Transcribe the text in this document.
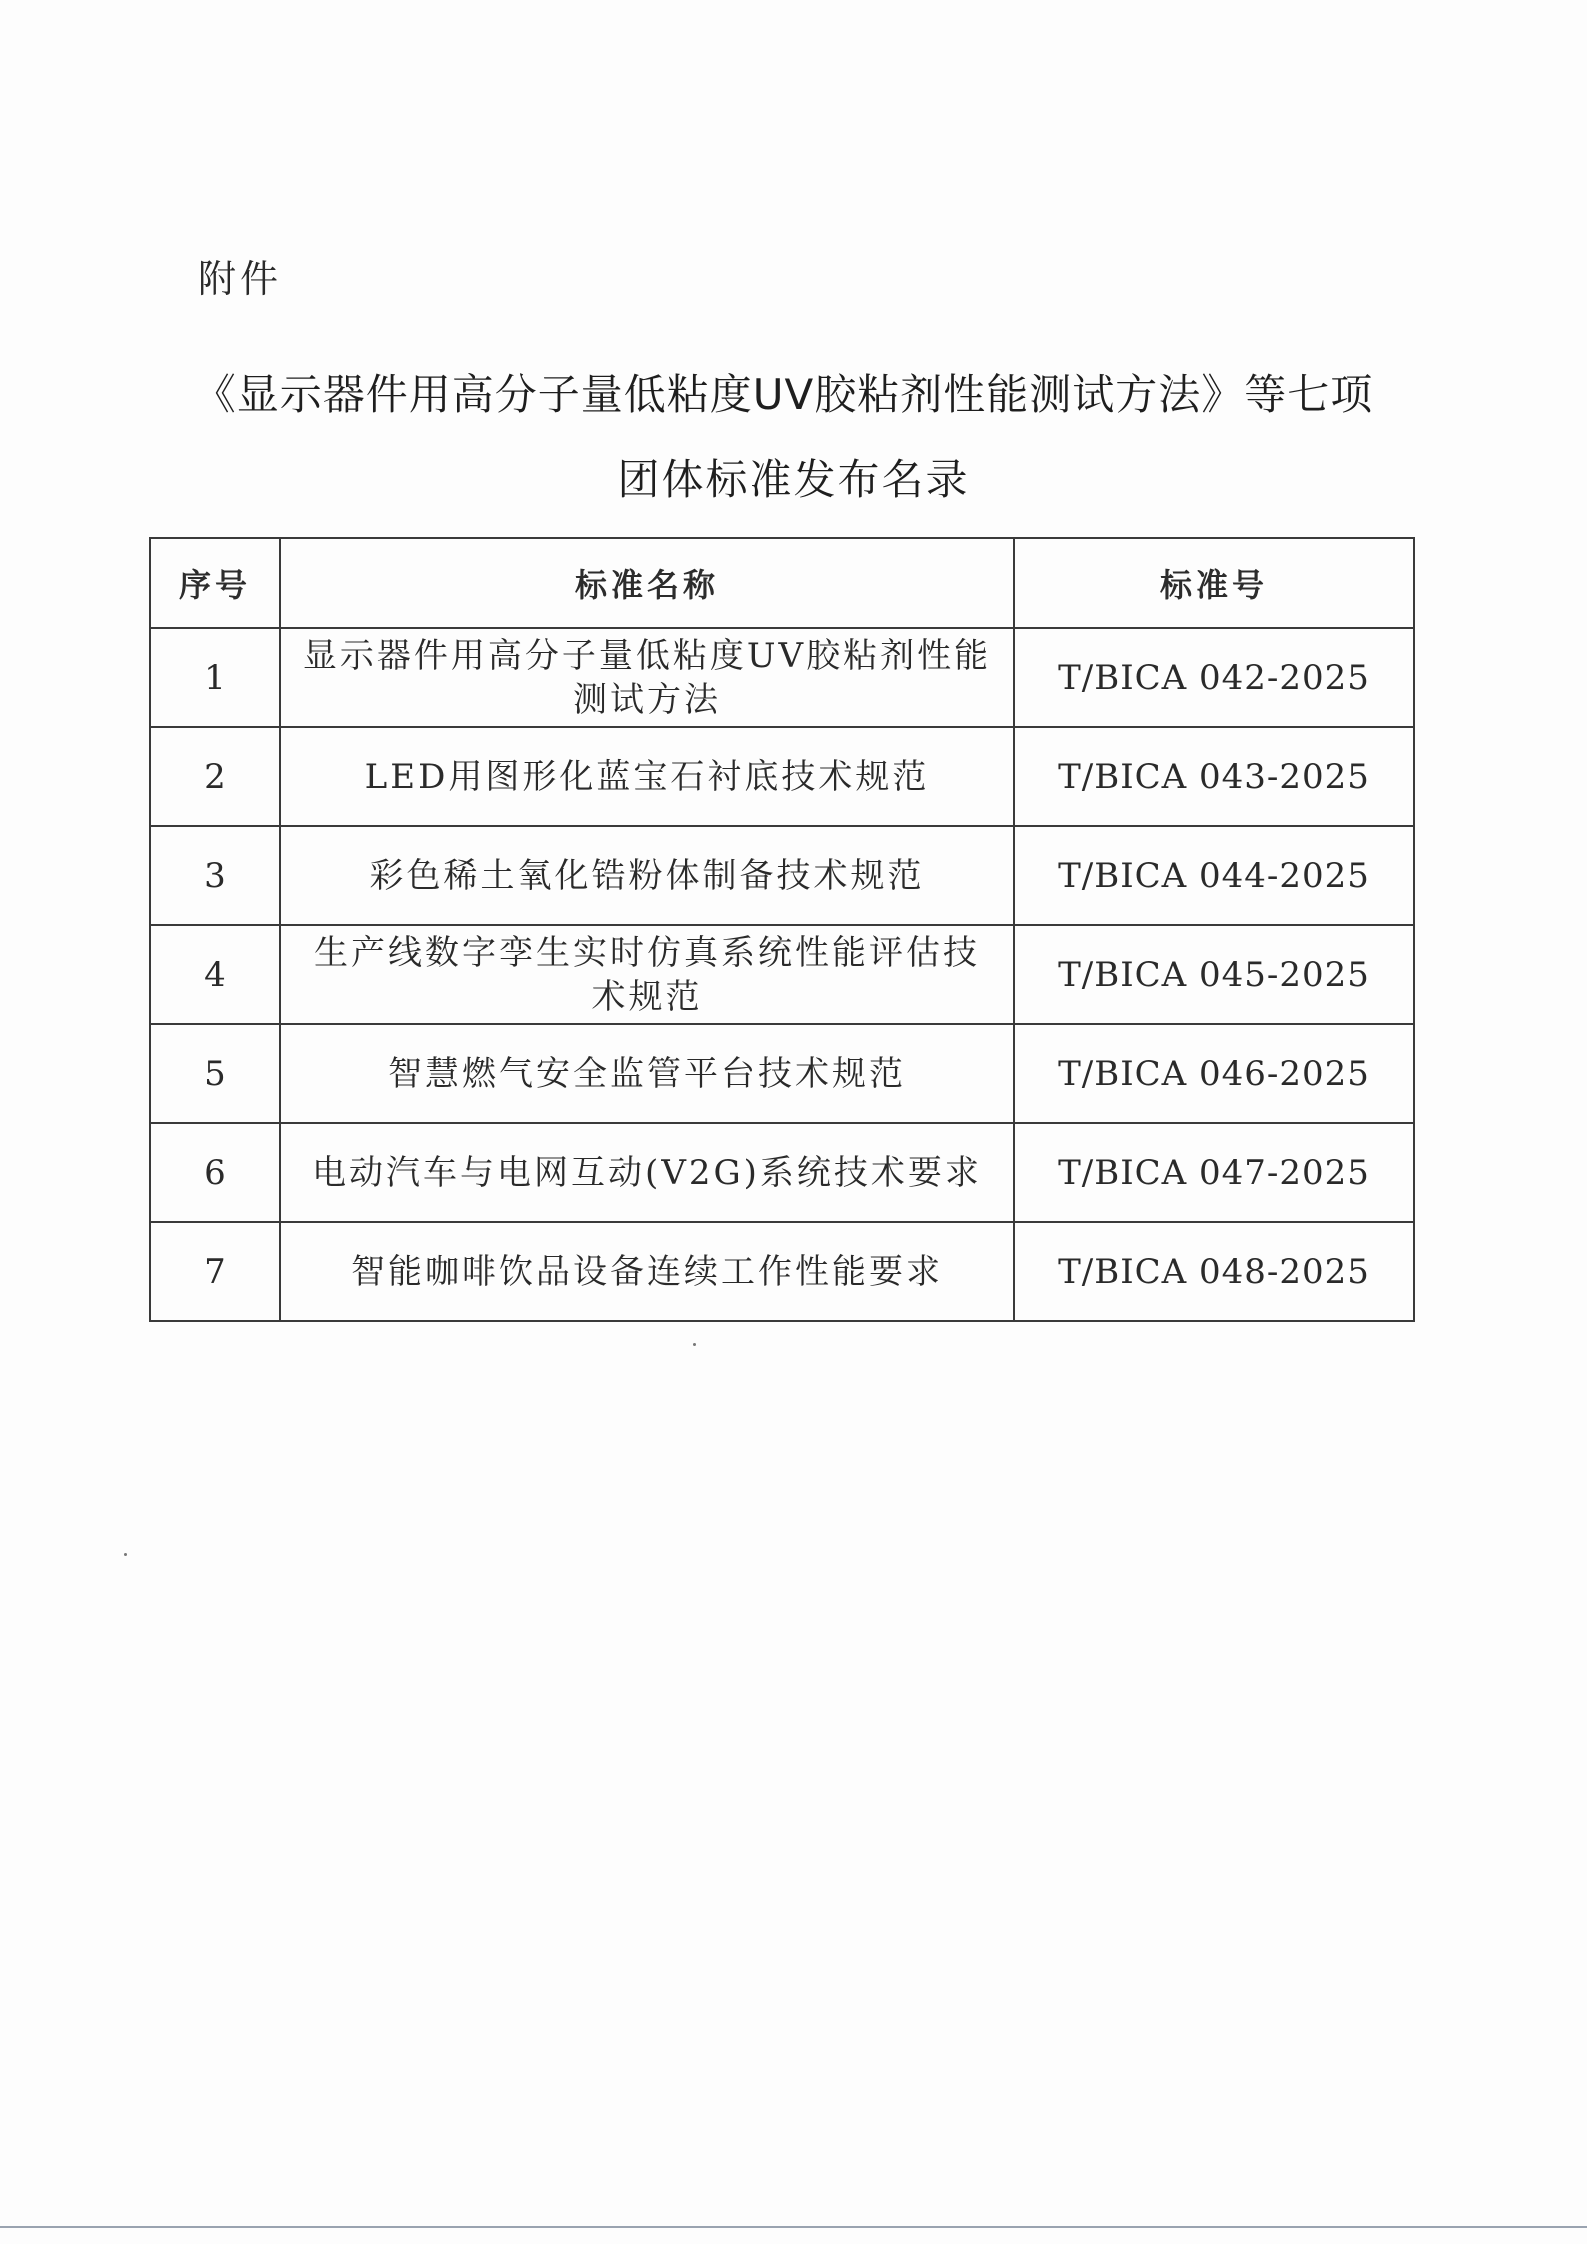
附件
《显示器件用高分子量低粘度UV胶粘剂性能测试方法》等七项
团体标准发布名录
序号	标准名称	标准号
1	显示器件用高分子量低粘度UV胶粘剂性能测试方法	T/BICA 042-2025
2	LED用图形化蓝宝石衬底技术规范	T/BICA 043-2025
3	彩色稀土氧化锆粉体制备技术规范	T/BICA 044-2025
4	生产线数字孪生实时仿真系统性能评估技术规范	T/BICA 045-2025
5	智慧燃气安全监管平台技术规范	T/BICA 046-2025
6	电动汽车与电网互动(V2G)系统技术要求	T/BICA 047-2025
7	智能咖啡饮品设备连续工作性能要求	T/BICA 048-2025
